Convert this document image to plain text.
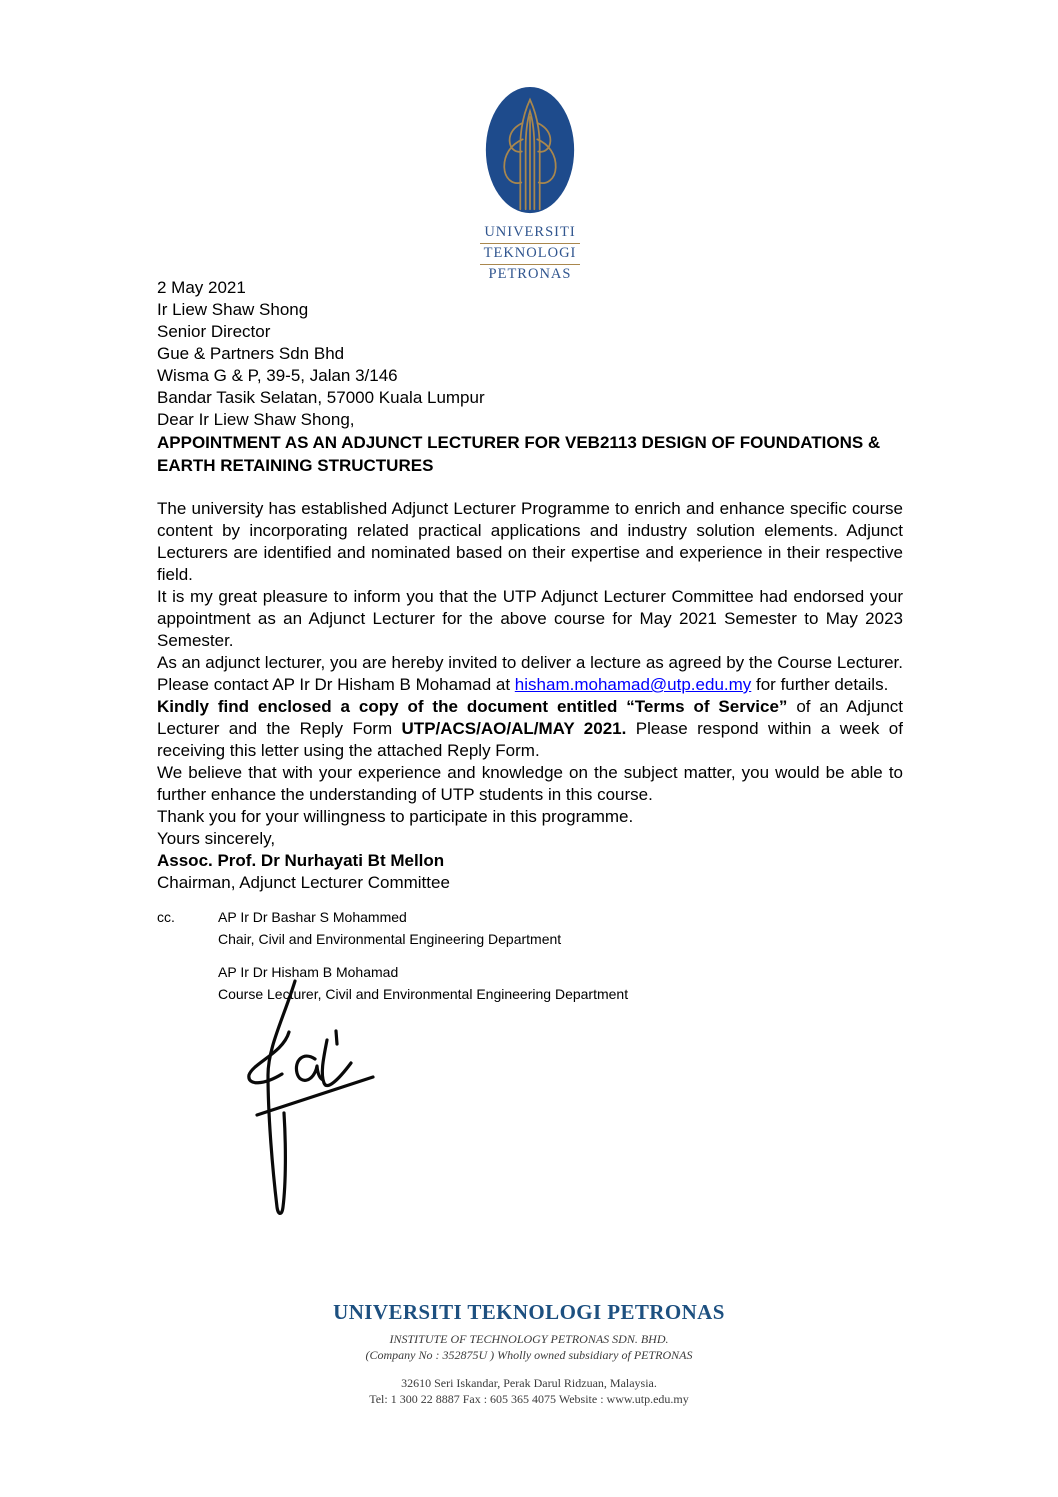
UNIVERSITI
TEKNOLOGI
PETRONAS

2 May 2021

Ir Liew Shaw Shong
Senior Director
Gue & Partners Sdn Bhd
Wisma G & P, 39-5, Jalan 3/146
Bandar Tasik Selatan, 57000 Kuala Lumpur

Dear Ir Liew Shaw Shong,

APPOINTMENT AS AN ADJUNCT LECTURER FOR VEB2113 DESIGN OF FOUNDATIONS & EARTH RETAINING STRUCTURES

The university has established Adjunct Lecturer Programme to enrich and enhance specific course content by incorporating related practical applications and industry solution elements. Adjunct Lecturers are identified and nominated based on their expertise and experience in their respective field.

It is my great pleasure to inform you that the UTP Adjunct Lecturer Committee had endorsed your appointment as an Adjunct Lecturer for the above course for May 2021 Semester to May 2023 Semester.

As an adjunct lecturer, you are hereby invited to deliver a lecture as agreed by the Course Lecturer. Please contact AP Ir Dr Hisham B Mohamad at hisham.mohamad@utp.edu.my for further details.

Kindly find enclosed a copy of the document entitled “Terms of Service” of an Adjunct Lecturer and the Reply Form UTP/ACS/AO/AL/MAY 2021. Please respond within a week of receiving this letter using the attached Reply Form.

We believe that with your experience and knowledge on the subject matter, you would be able to further enhance the understanding of UTP students in this course.

Thank you for your willingness to participate in this programme.

Yours sincerely,

Assoc. Prof. Dr Nurhayati Bt Mellon

Chairman, Adjunct Lecturer Committee

cc.	AP Ir Dr Bashar S Mohammed
Chair, Civil and Environmental Engineering Department
AP Ir Dr Hisham B Mohamad
Course Lecturer, Civil and Environmental Engineering Department
UNIVERSITI TEKNOLOGI PETRONAS
INSTITUTE OF TECHNOLOGY PETRONAS SDN. BHD.
(Company No : 352875U ) Wholly owned subsidiary of PETRONAS
32610 Seri Iskandar, Perak Darul Ridzuan, Malaysia.
Tel: 1 300 22 8887 Fax : 605 365 4075 Website : www.utp.edu.my
